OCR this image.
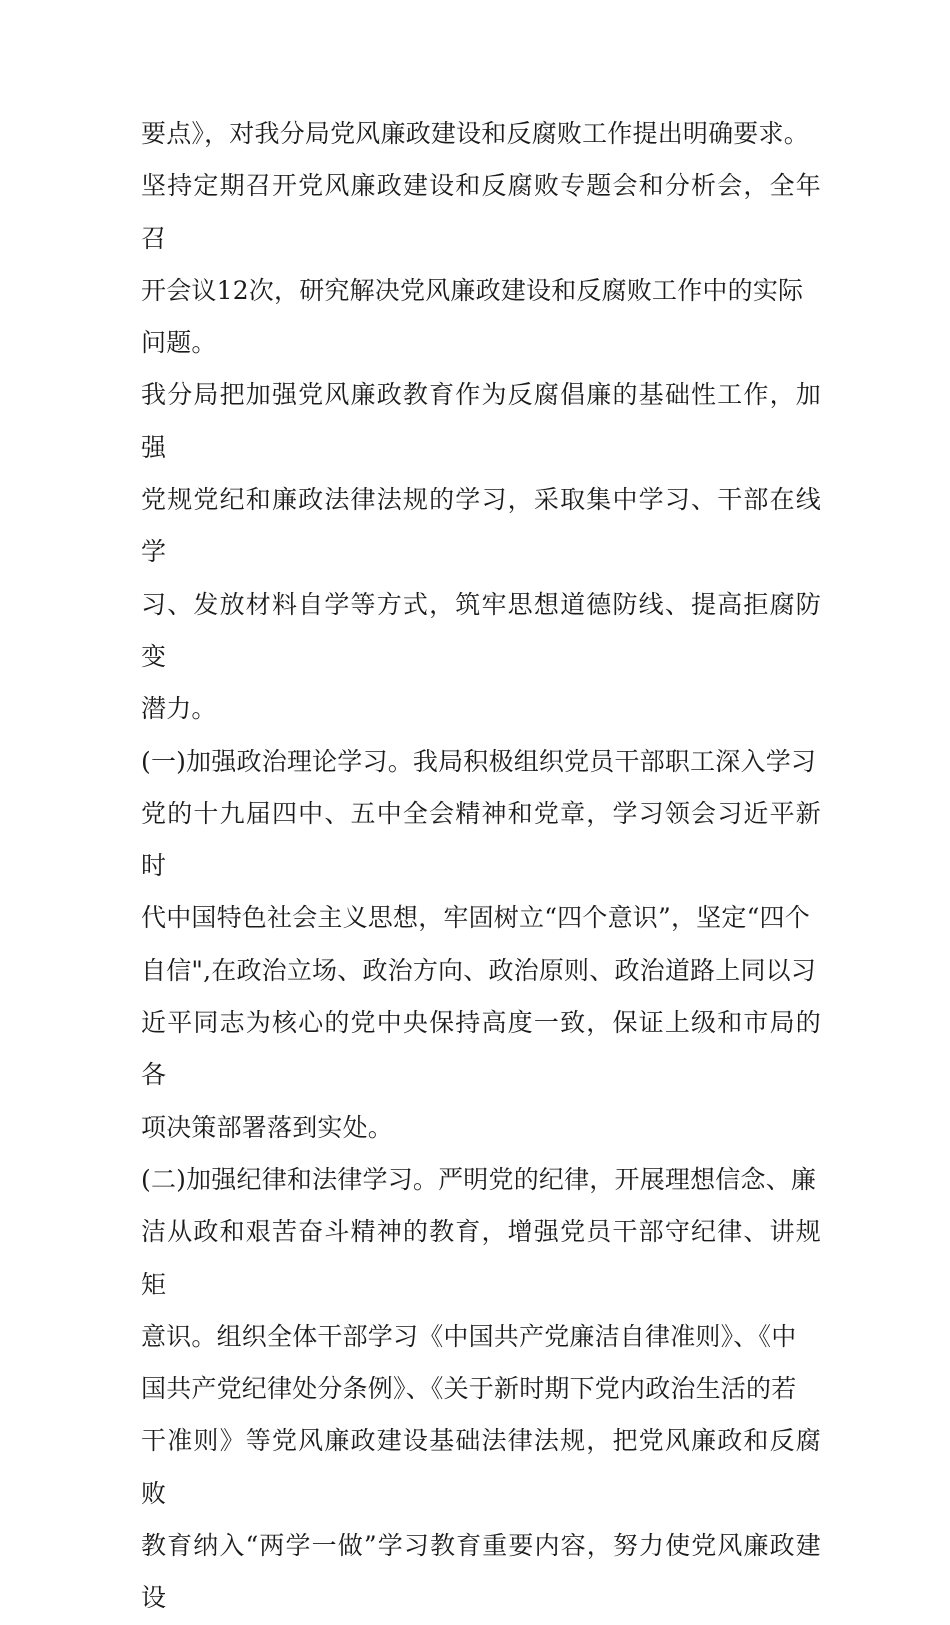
要点》，对我分局党风廉政建设和反腐败工作提出明确要求。
坚持定期召开党风廉政建设和反腐败专题会和分析会，全年召
开会议12次，研究解决党风廉政建设和反腐败工作中的实际
问题。
我分局把加强党风廉政教育作为反腐倡廉的基础性工作，加强
党规党纪和廉政法律法规的学习，采取集中学习、干部在线学
习、发放材料自学等方式，筑牢思想道德防线、提高拒腐防变
潜力。
(一)加强政治理论学习。我局积极组织党员干部职工深入学习
党的十九届四中、五中全会精神和党章，学习领会习近平新时
代中国特色社会主义思想，牢固树立“四个意识”，坚定“四个
自信",在政治立场、政治方向、政治原则、政治道路上同以习
近平同志为核心的党中央保持高度一致，保证上级和市局的各
项决策部署落到实处。
(二)加强纪律和法律学习。严明党的纪律，开展理想信念、廉
洁从政和艰苦奋斗精神的教育，增强党员干部守纪律、讲规矩
意识。组织全体干部学习《中国共产党廉洁自律准则》、《中
国共产党纪律处分条例》、《关于新时期下党内政治生活的若
干准则》等党风廉政建设基础法律法规，把党风廉政和反腐败
教育纳入“两学一做”学习教育重要内容，努力使党风廉政建设
